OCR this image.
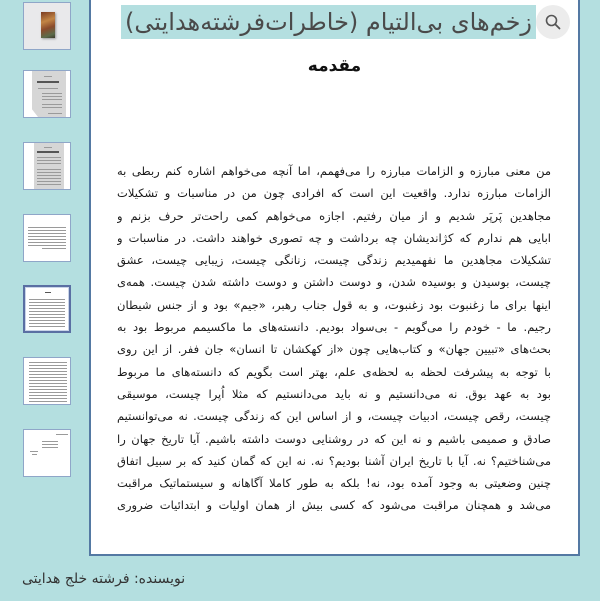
زخم‌های بی‌التیام (خاطرات‌فرشته‌هدایتی)
مقدمه
من معنی مبارزه و الزامات مبارزه را می‌فهمم، اما آنچه می‌خواهم اشاره کنم ربطی به
الزامات مبارزه ندارد. واقعیت این است که افرادی چون من در مناسبات و تشکیلات
مجاهدین پَرپَر شدیم و از میان رفتیم. اجازه می‌خواهم کمی راحت‌تر حرف بزنم و
ابایی هم ندارم که کژاندیشان چه برداشت و چه تصوری خواهند داشت. در مناسبات و
تشکیلات مجاهدین ما نفهمیدیم زندگی چیست، زنانگی چیست، زیبایی چیست، عشق
چیست، بوسیدن و بوسیده شدن، و دوست داشتن و دوست داشته شدن چیست. همه‌ی
اینها برای ما زغنبوت بود زغنبوت، و به قول جناب رهبر، «جیم» بود و از جنس شیطان
رجیم. ما - خودم را می‌گویم - بی‌سواد بودیم. دانسته‌های ما ماکسیمم مربوط بود به
بحث‌های «تبیین جهان» و کتاب‌هایی چون «از کهکشان تا انسان» جان ففر. از این روی
با توجه به پیشرفت لحظه به لحظه‌ی علم، بهتر است بگویم که دانسته‌های ما مربوط
بود به عهد بوق. نه می‌دانستیم و نه باید می‌دانستیم که مثلا اُپرا چیست، موسیقی
چیست، رقص چیست، ادبیات چیست، و از اساس این که زندگی چیست. نه می‌توانستیم
صادق و صمیمی باشیم و نه این که در روشنایی دوست داشته باشیم. آیا تاریخ جهان را
می‌شناختیم؟ نه. آیا با تاریخ ایران آشنا بودیم؟ نه. نه این که گمان کنید که بر سبیل اتفاق
چنین وضعیتی به وجود آمده بود، نه! بلکه به طور کاملا آگاهانه و سیستماتیک مراقبت
می‌شد و همچنان مراقبت می‌شود که کسی بیش از همان اولیات و ابتدائیات ضروری
نویسنده: فرشته خلج هدایتی
